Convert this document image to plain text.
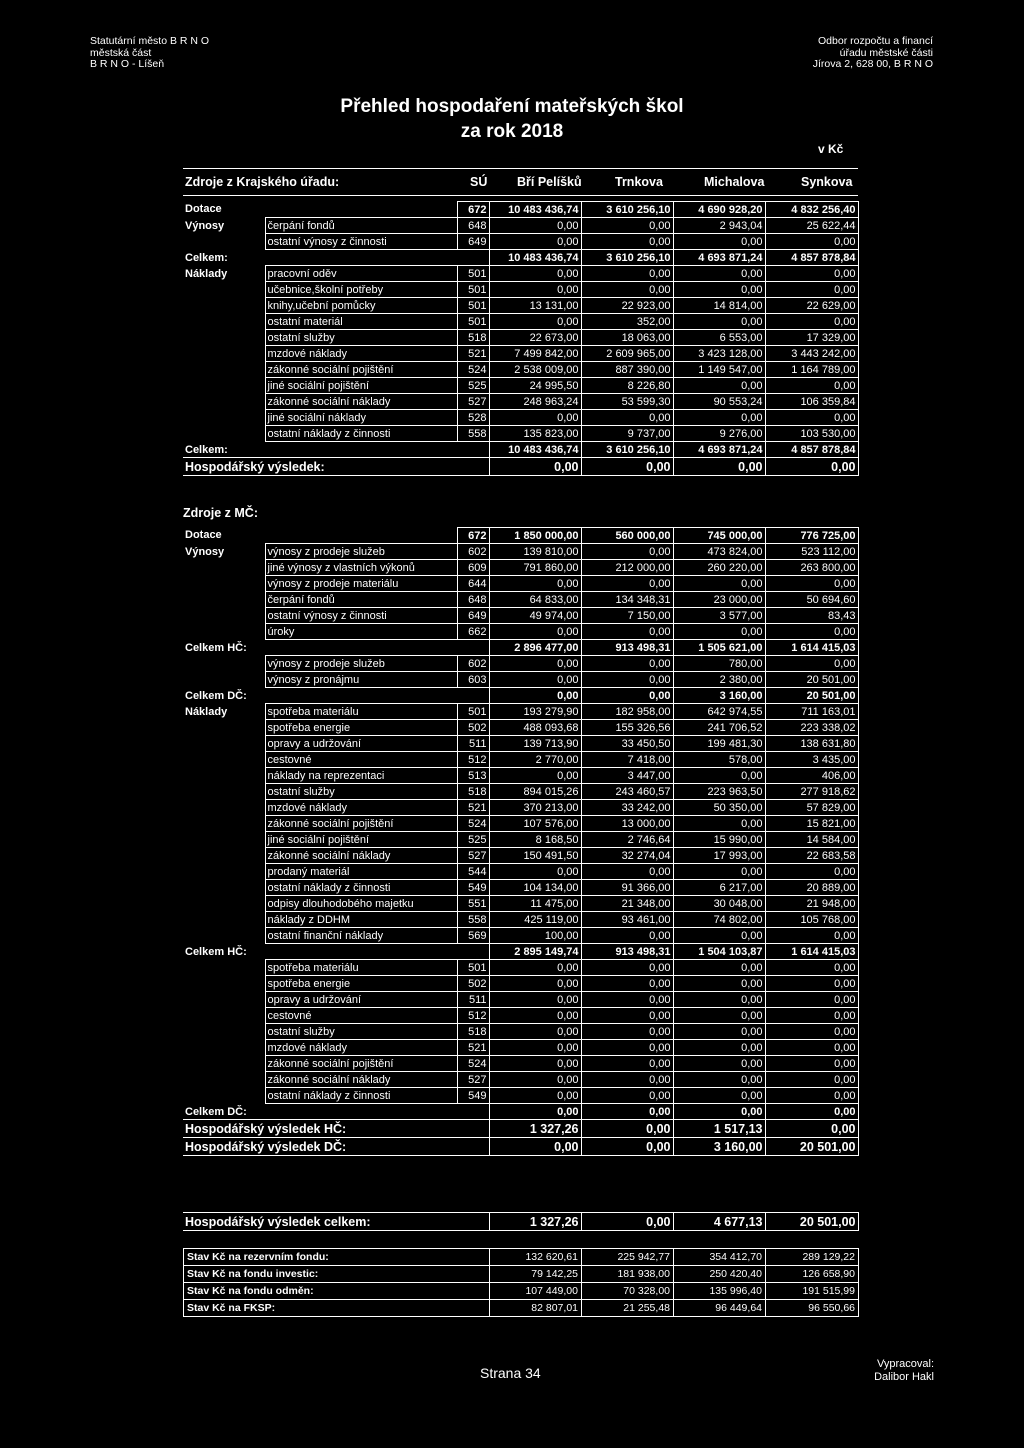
Statutární město B R N O
městská část
B R N O - Líšeň
Odbor rozpočtu a financí
úřadu městské části
Jírova 2, 628 00, B R N O
Přehled hospodaření mateřských škol
za rok 2018
v Kč
Zdroje z Krajského úřadu:	SÚ Bří Pelíšků	Trnkova	Michalova	Synkova
Dotace		672	10 483 436,74	3 610 256,10	4 690 928,20	4 832 256,40
Výnosy	čerpání fondů	648	0,00	0,00	2 943,04	25 622,44
	ostatní výnosy z činnosti	649	0,00	0,00	0,00	0,00
Celkem:			10 483 436,74	3 610 256,10	4 693 871,24	4 857 878,84
Náklady	pracovní oděv	501	0,00	0,00	0,00	0,00
	učebnice,školní potřeby	501	0,00	0,00	0,00	0,00
	knihy,učební pomůcky	501	13 131,00	22 923,00	14 814,00	22 629,00
	ostatní materiál	501	0,00	352,00	0,00	0,00
	ostatní služby	518	22 673,00	18 063,00	6 553,00	17 329,00
	mzdové náklady	521	7 499 842,00	2 609 965,00	3 423 128,00	3 443 242,00
	zákonné sociální pojištění	524	2 538 009,00	887 390,00	1 149 547,00	1 164 789,00
	jiné sociální pojištění	525	24 995,50	8 226,80	0,00	0,00
	zákonné sociální náklady	527	248 963,24	53 599,30	90 553,24	106 359,84
	jiné sociální náklady	528	0,00	0,00	0,00	0,00
	ostatní náklady z činnosti	558	135 823,00	9 737,00	9 276,00	103 530,00
Celkem:			10 483 436,74	3 610 256,10	4 693 871,24	4 857 878,84
Hospodářský výsledek:			0,00	0,00	0,00	0,00
Zdroje z MČ:
Dotace		672	1 850 000,00	560 000,00	745 000,00	776 725,00
Výnosy	výnosy z prodeje služeb	602	139 810,00	0,00	473 824,00	523 112,00
	jiné výnosy z vlastních výkonů	609	791 860,00	212 000,00	260 220,00	263 800,00
	výnosy z prodeje materiálu	644	0,00	0,00	0,00	0,00
	čerpání fondů	648	64 833,00	134 348,31	23 000,00	50 694,60
	ostatní výnosy z činnosti	649	49 974,00	7 150,00	3 577,00	83,43
	úroky	662	0,00	0,00	0,00	0,00
Celkem HČ:			2 896 477,00	913 498,31	1 505 621,00	1 614 415,03
	výnosy z prodeje služeb	602	0,00	0,00	780,00	0,00
	výnosy z pronájmu	603	0,00	0,00	2 380,00	20 501,00
Celkem DČ:			0,00	0,00	3 160,00	20 501,00
Náklady	spotřeba materiálu	501	193 279,90	182 958,00	642 974,55	711 163,01
	spotřeba energie	502	488 093,68	155 326,56	241 706,52	223 338,02
	opravy a udržování	511	139 713,90	33 450,50	199 481,30	138 631,80
	cestovné	512	2 770,00	7 418,00	578,00	3 435,00
	náklady na reprezentaci	513	0,00	3 447,00	0,00	406,00
	ostatní služby	518	894 015,26	243 460,57	223 963,50	277 918,62
	mzdové náklady	521	370 213,00	33 242,00	50 350,00	57 829,00
	zákonné sociální pojištění	524	107 576,00	13 000,00	0,00	15 821,00
	jiné sociální pojištění	525	8 168,50	2 746,64	15 990,00	14 584,00
	zákonné sociální náklady	527	150 491,50	32 274,04	17 993,00	22 683,58
	prodaný materiál	544	0,00	0,00	0,00	0,00
	ostatní náklady z činnosti	549	104 134,00	91 366,00	6 217,00	20 889,00
	odpisy dlouhodobého majetku	551	11 475,00	21 348,00	30 048,00	21 948,00
	náklady z DDHM	558	425 119,00	93 461,00	74 802,00	105 768,00
	ostatní finanční náklady	569	100,00	0,00	0,00	0,00
Celkem HČ:			2 895 149,74	913 498,31	1 504 103,87	1 614 415,03
	spotřeba materiálu	501	0,00	0,00	0,00	0,00
	spotřeba energie	502	0,00	0,00	0,00	0,00
	opravy a udržování	511	0,00	0,00	0,00	0,00
	cestovné	512	0,00	0,00	0,00	0,00
	ostatní služby	518	0,00	0,00	0,00	0,00
	mzdové náklady	521	0,00	0,00	0,00	0,00
	zákonné sociální pojištění	524	0,00	0,00	0,00	0,00
	zákonné sociální náklady	527	0,00	0,00	0,00	0,00
	ostatní náklady z činnosti	549	0,00	0,00	0,00	0,00
Celkem DČ:			0,00	0,00	0,00	0,00
Hospodářský výsledek HČ:			1 327,26	0,00	1 517,13	0,00
Hospodářský výsledek DČ:			0,00	0,00	3 160,00	20 501,00
Hospodářský výsledek celkem:	1 327,26	0,00	4 677,13	20 501,00
Stav Kč na rezervním fondu:	132 620,61	225 942,77	354 412,70	289 129,22
Stav Kč na fondu investic:	79 142,25	181 938,00	250 420,40	126 658,90
Stav Kč na fondu odměn:	107 449,00	70 328,00	135 996,40	191 515,99
Stav Kč na FKSP:	82 807,01	21 255,48	96 449,64	96 550,66
Strana 34
Vypracoval:
Dalibor Hakl
